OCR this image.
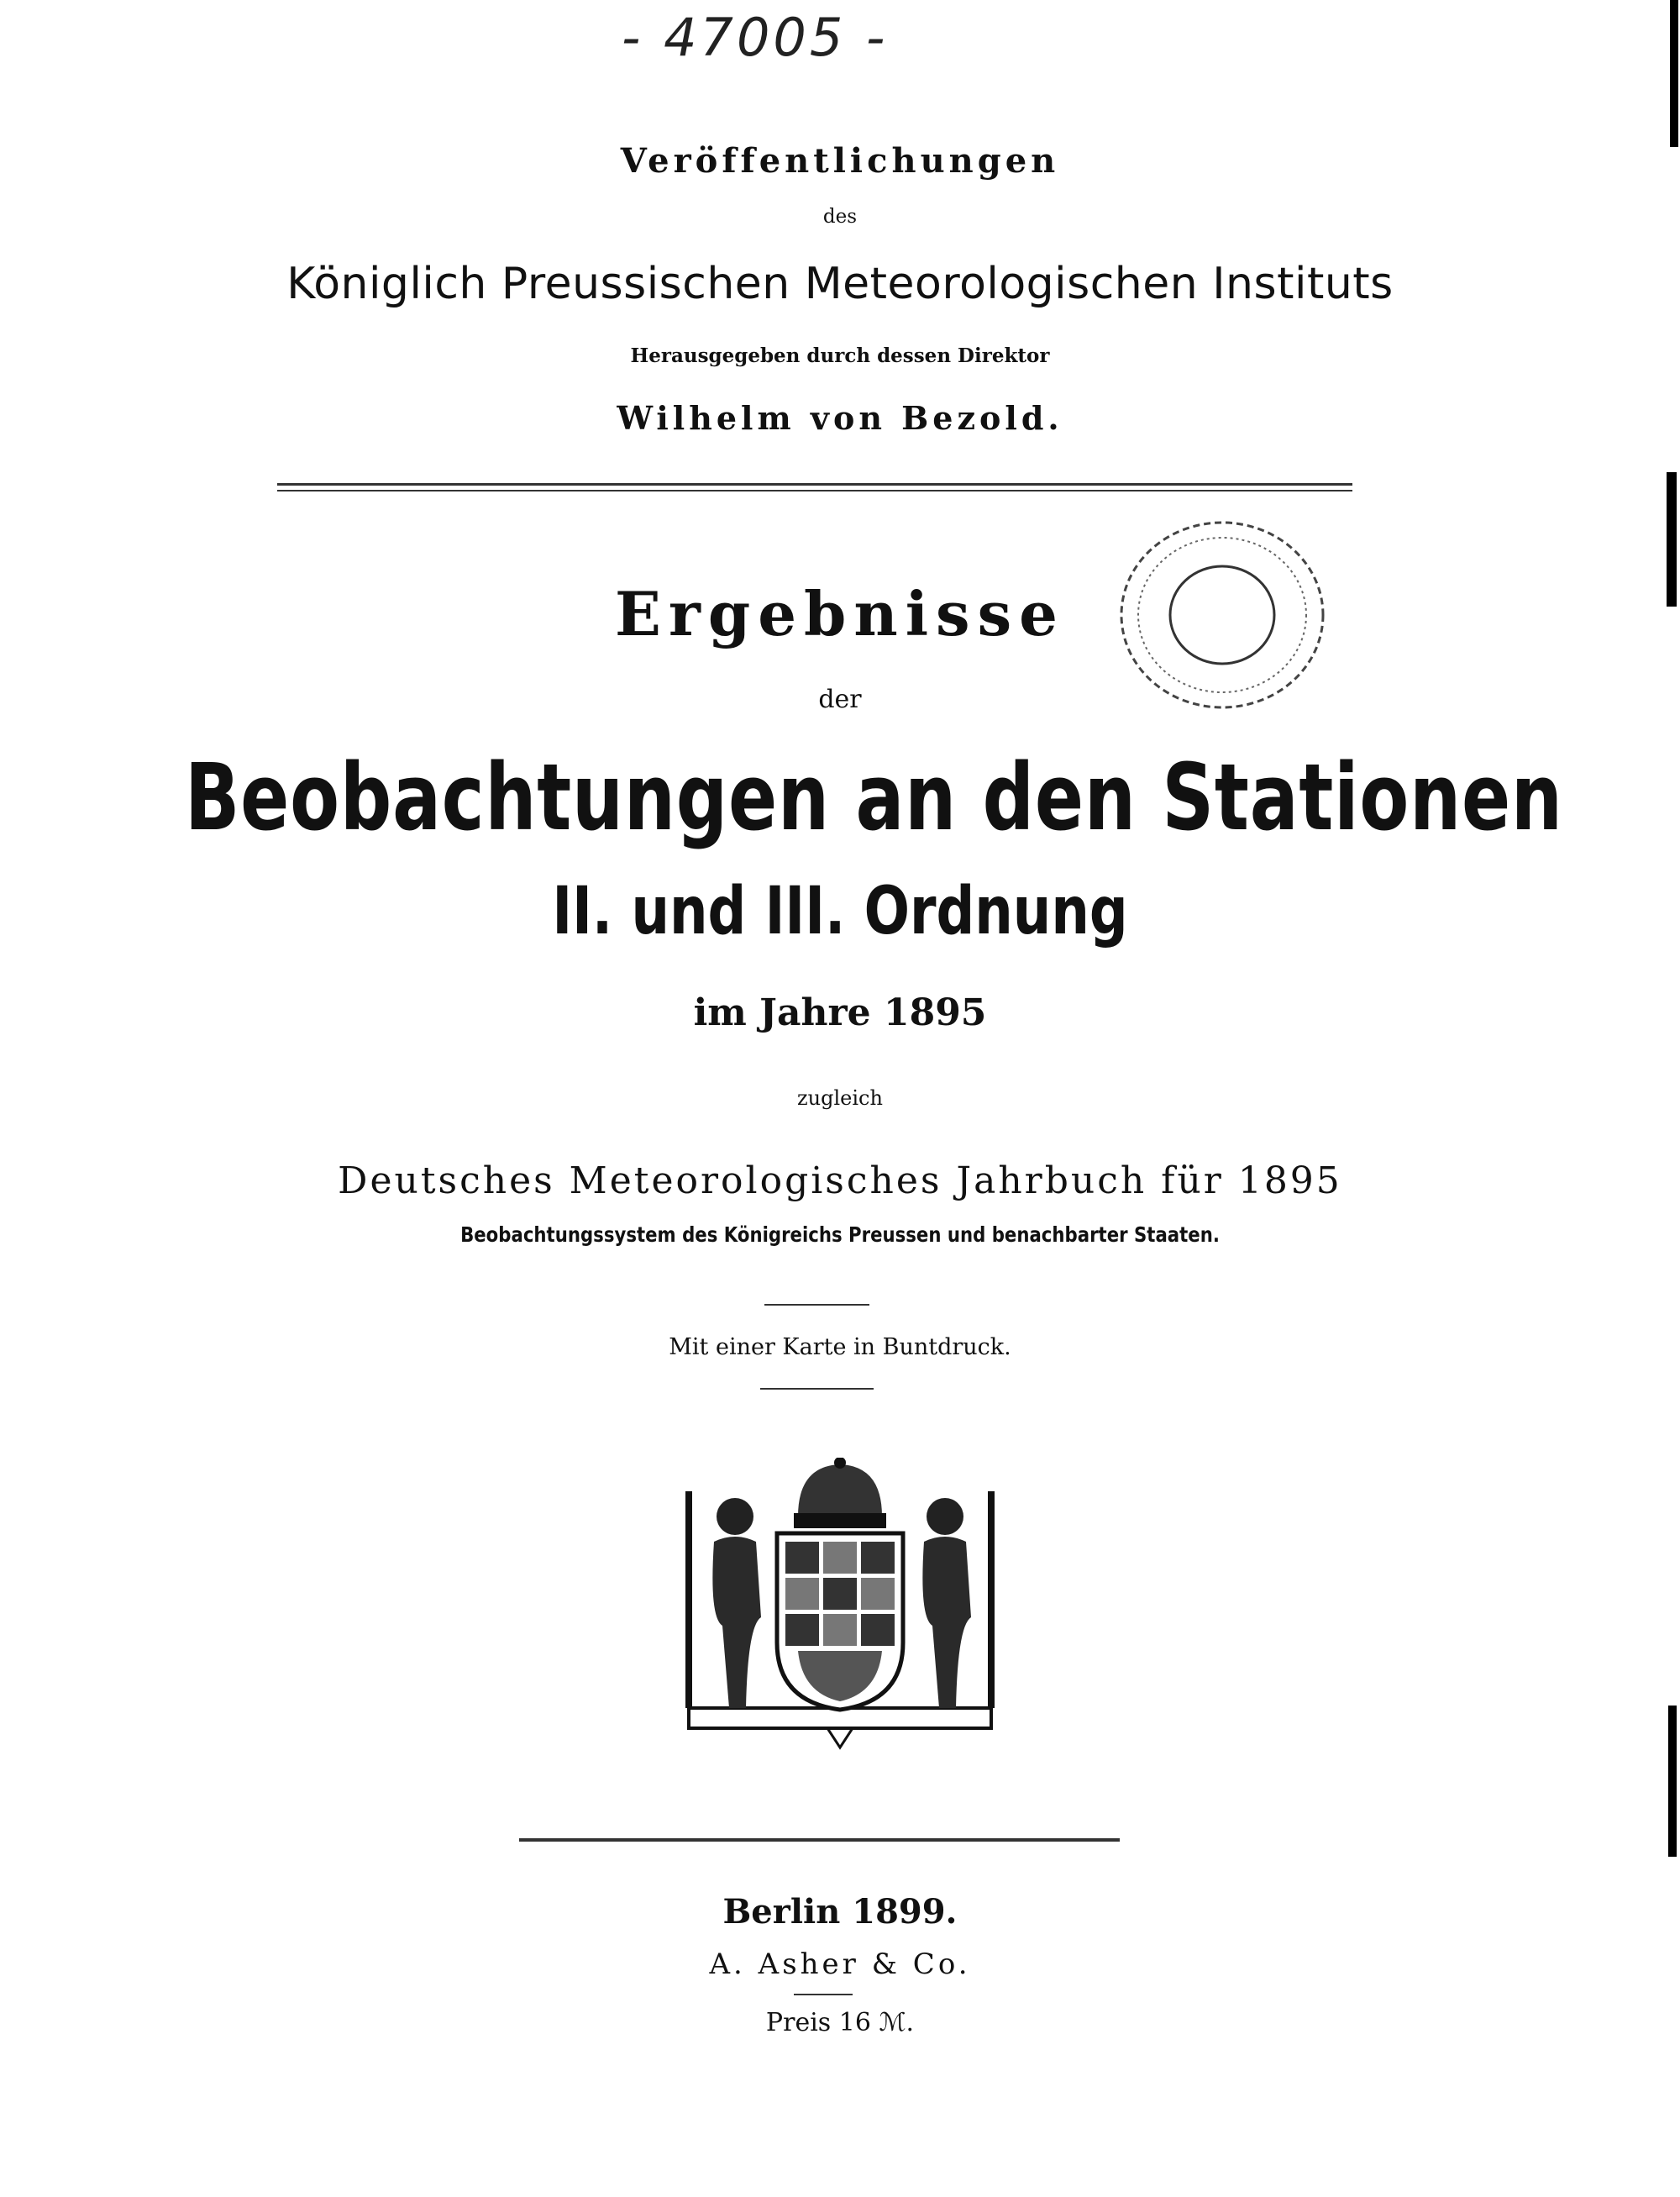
- 47005 -
Veröffentlichungen
des
Königlich Preussischen Meteorologischen Instituts
Herausgegeben durch dessen Direktor
Wilhelm von Bezold.
Ergebnisse
der
Beobachtungen an den Stationen
II. und III. Ordnung
im Jahre 1895
zugleich
Deutsches Meteorologisches Jahrbuch für 1895
Beobachtungssystem des Königreichs Preussen und benachbarter Staaten.
Mit einer Karte in Buntdruck.
Berlin 1899.
A. Asher & Co.
Preis 16 ℳ.
